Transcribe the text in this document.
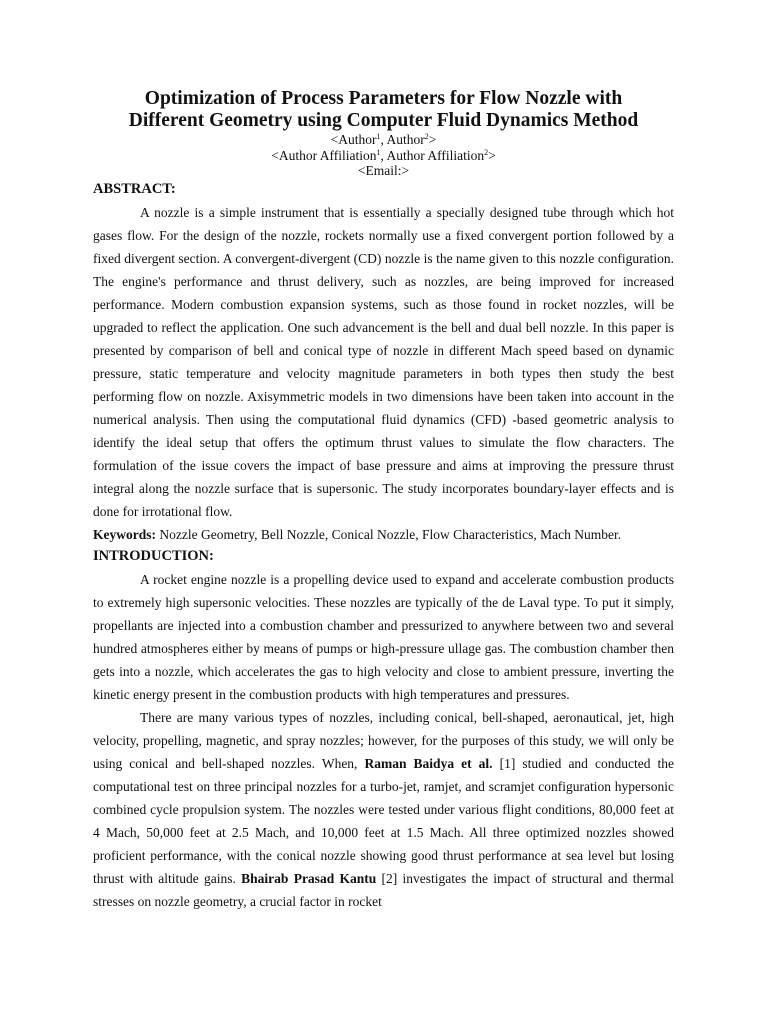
Optimization of Process Parameters for Flow Nozzle with
Different Geometry using Computer Fluid Dynamics Method

<Author$^1$, Author$^2$>

<Author Affiliation$^1$, Author Affiliation$^2$>

<Email:>

ABSTRACT:

A nozzle is a simple instrument that is essentially a specially designed tube through which hot gases flow. For the design of the nozzle, rockets normally use a fixed convergent portion followed by a fixed divergent section. A convergent-divergent (CD) nozzle is the name given to this nozzle configuration. The engine's performance and thrust delivery, such as nozzles, are being improved for increased performance. Modern combustion expansion systems, such as those found in rocket nozzles, will be upgraded to reflect the application. One such advancement is the bell and dual bell nozzle. In this paper is presented by comparison of bell and conical type of nozzle in different Mach speed based on dynamic pressure, static temperature and velocity magnitude parameters in both types then study the best performing flow on nozzle. Axisymmetric models in two dimensions have been taken into account in the numerical analysis. Then using the computational fluid dynamics (CFD) -based geometric analysis to identify the ideal setup that offers the optimum thrust values to simulate the flow characters. The formulation of the issue covers the impact of base pressure and aims at improving the pressure thrust integral along the nozzle surface that is supersonic. The study incorporates boundary-layer effects and is done for irrotational flow.

Keywords: Nozzle Geometry, Bell Nozzle, Conical Nozzle, Flow Characteristics, Mach Number.

INTRODUCTION:

A rocket engine nozzle is a propelling device used to expand and accelerate combustion products to extremely high supersonic velocities. These nozzles are typically of the de Laval type. To put it simply, propellants are injected into a combustion chamber and pressurized to anywhere between two and several hundred atmospheres either by means of pumps or high-pressure ullage gas. The combustion chamber then gets into a nozzle, which accelerates the gas to high velocity and close to ambient pressure, inverting the kinetic energy present in the combustion products with high temperatures and pressures.

There are many various types of nozzles, including conical, bell-shaped, aeronautical, jet, high velocity, propelling, magnetic, and spray nozzles; however, for the purposes of this study, we will only be using conical and bell-shaped nozzles. When, Raman Baidya et al. [1] studied and conducted the computational test on three principal nozzles for a turbo-jet, ramjet, and scramjet configuration hypersonic combined cycle propulsion system. The nozzles were tested under various flight conditions, 80,000 feet at 4 Mach, 50,000 feet at 2.5 Mach, and 10,000 feet at 1.5 Mach. All three optimized nozzles showed proficient performance, with the conical nozzle showing good thrust performance at sea level but losing thrust with altitude gains. Bhairab Prasad Kantu [2] investigates the impact of structural and thermal stresses on nozzle geometry, a crucial factor in rocket
